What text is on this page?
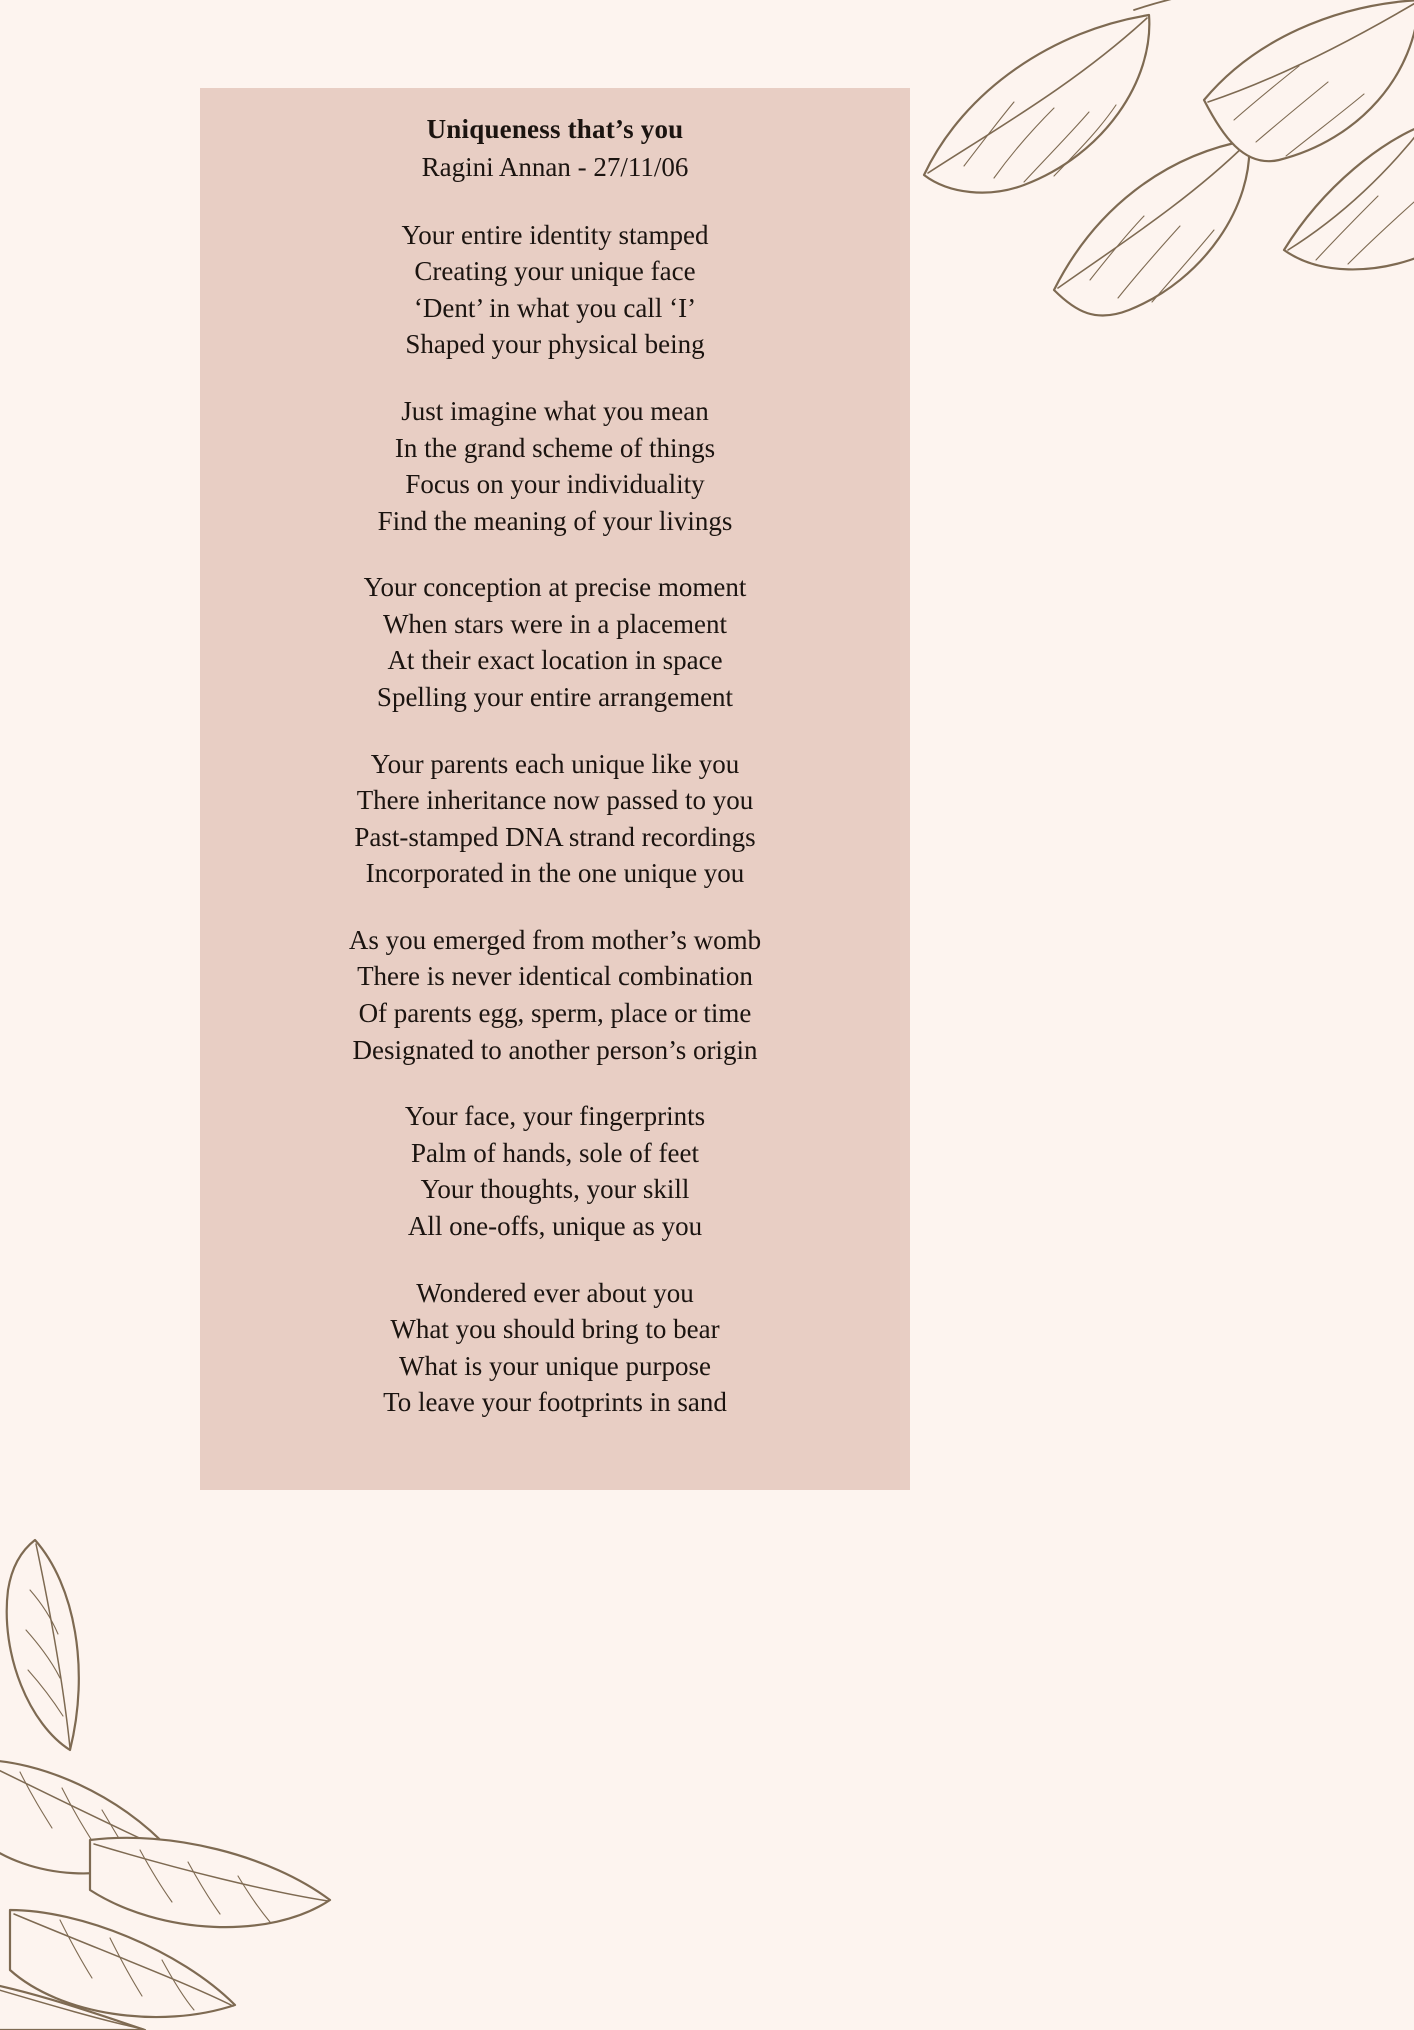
Uniqueness that’s you
Ragini Annan - 27/11/06
Your entire identity stamped
Creating your unique face
‘Dent’ in what you call ‘I’
Shaped your physical being
Just imagine what you mean
In the grand scheme of things
Focus on your individuality
Find the meaning of your livings
Your conception at precise moment
When stars were in a placement
At their exact location in space
Spelling your entire arrangement
Your parents each unique like you
There inheritance now passed to you
Past-stamped DNA strand recordings
Incorporated in the one unique you
As you emerged from mother’s womb
There is never identical combination
Of parents egg, sperm, place or time
Designated to another person’s origin
Your face, your fingerprints
Palm of hands, sole of feet
Your thoughts, your skill
All one-offs, unique as you
Wondered ever about you
What you should bring to bear
What is your unique purpose
To leave your footprints in sand
